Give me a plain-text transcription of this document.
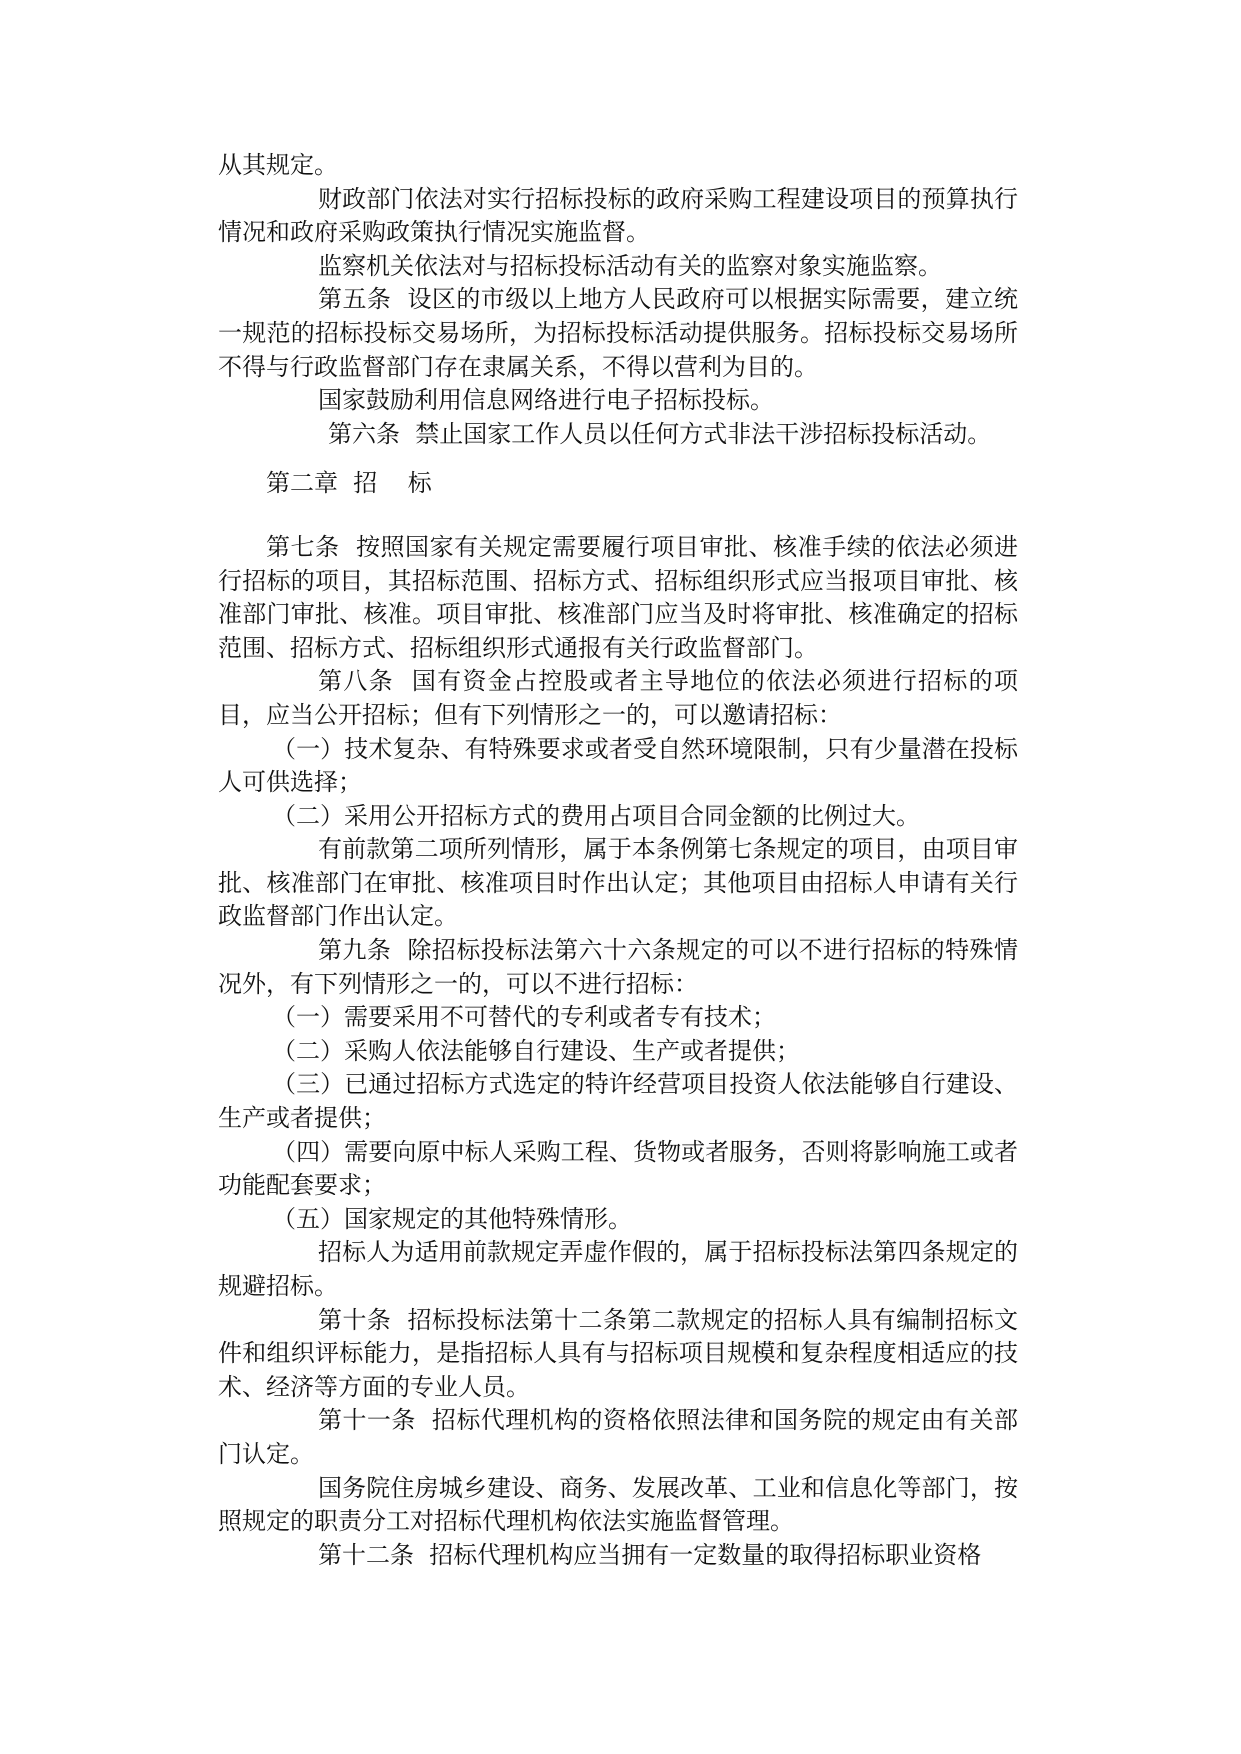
从其规定。

财政部门依法对实行招标投标的政府采购工程建设项目的预算执行情况和政府采购政策执行情况实施监督。

监察机关依法对与招标投标活动有关的监察对象实施监察。

第五条  设区的市级以上地方人民政府可以根据实际需要，建立统一规范的招标投标交易场所，为招标投标活动提供服务。招标投标交易场所不得与行政监督部门存在隶属关系，不得以营利为目的。

国家鼓励利用信息网络进行电子招标投标。

第六条  禁止国家工作人员以任何方式非法干涉招标投标活动。

第二章  招    标

第七条  按照国家有关规定需要履行项目审批、核准手续的依法必须进行招标的项目，其招标范围、招标方式、招标组织形式应当报项目审批、核准部门审批、核准。项目审批、核准部门应当及时将审批、核准确定的招标范围、招标方式、招标组织形式通报有关行政监督部门。

第八条  国有资金占控股或者主导地位的依法必须进行招标的项目，应当公开招标；但有下列情形之一的，可以邀请招标：

（一）技术复杂、有特殊要求或者受自然环境限制，只有少量潜在投标人可供选择；

（二）采用公开招标方式的费用占项目合同金额的比例过大。

有前款第二项所列情形，属于本条例第七条规定的项目，由项目审批、核准部门在审批、核准项目时作出认定；其他项目由招标人申请有关行政监督部门作出认定。

第九条  除招标投标法第六十六条规定的可以不进行招标的特殊情况外，有下列情形之一的，可以不进行招标：

（一）需要采用不可替代的专利或者专有技术；

（二）采购人依法能够自行建设、生产或者提供；

（三）已通过招标方式选定的特许经营项目投资人依法能够自行建设、生产或者提供；

（四）需要向原中标人采购工程、货物或者服务，否则将影响施工或者功能配套要求；

（五）国家规定的其他特殊情形。

招标人为适用前款规定弄虚作假的，属于招标投标法第四条规定的规避招标。

第十条  招标投标法第十二条第二款规定的招标人具有编制招标文件和组织评标能力，是指招标人具有与招标项目规模和复杂程度相适应的技术、经济等方面的专业人员。

第十一条  招标代理机构的资格依照法律和国务院的规定由有关部门认定。

国务院住房城乡建设、商务、发展改革、工业和信息化等部门，按照规定的职责分工对招标代理机构依法实施监督管理。

第十二条  招标代理机构应当拥有一定数量的取得招标职业资格
